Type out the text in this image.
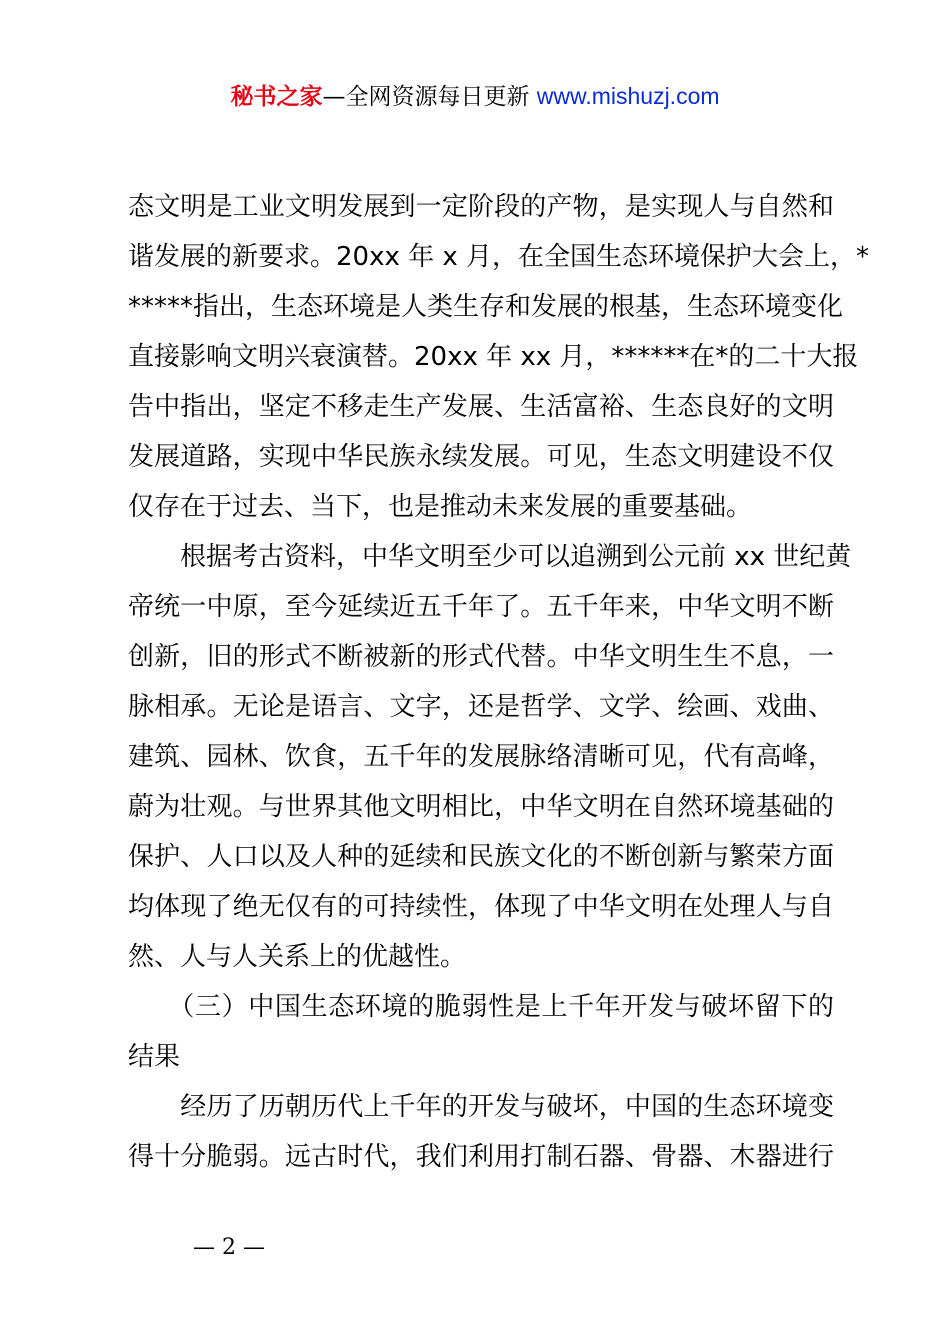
秘书之家—全网资源每日更新 www.mishuzj.com
态文明是工业文明发展到一定阶段的产物，是实现人与自然和
谐发展的新要求。20xx 年 x 月，在全国生态环境保护大会上，*
*****指出，生态环境是人类生存和发展的根基，生态环境变化
直接影响文明兴衰演替。20xx 年 xx 月，******在*的二十大报
告中指出，坚定不移走生产发展、生活富裕、生态良好的文明
发展道路，实现中华民族永续发展。可见，生态文明建设不仅
仅存在于过去、当下，也是推动未来发展的重要基础。
　　根据考古资料，中华文明至少可以追溯到公元前 xx 世纪黄
帝统一中原，至今延续近五千年了。五千年来，中华文明不断
创新，旧的形式不断被新的形式代替。中华文明生生不息，一
脉相承。无论是语言、文字，还是哲学、文学、绘画、戏曲、
建筑、园林、饮食，五千年的发展脉络清晰可见，代有高峰，
蔚为壮观。与世界其他文明相比，中华文明在自然环境基础的
保护、人口以及人种的延续和民族文化的不断创新与繁荣方面
均体现了绝无仅有的可持续性，体现了中华文明在处理人与自
然、人与人关系上的优越性。
　　（三）中国生态环境的脆弱性是上千年开发与破坏留下的
结果
　　经历了历朝历代上千年的开发与破坏，中国的生态环境变
得十分脆弱。远古时代，我们利用打制石器、骨器、木器进行
— 2 —
